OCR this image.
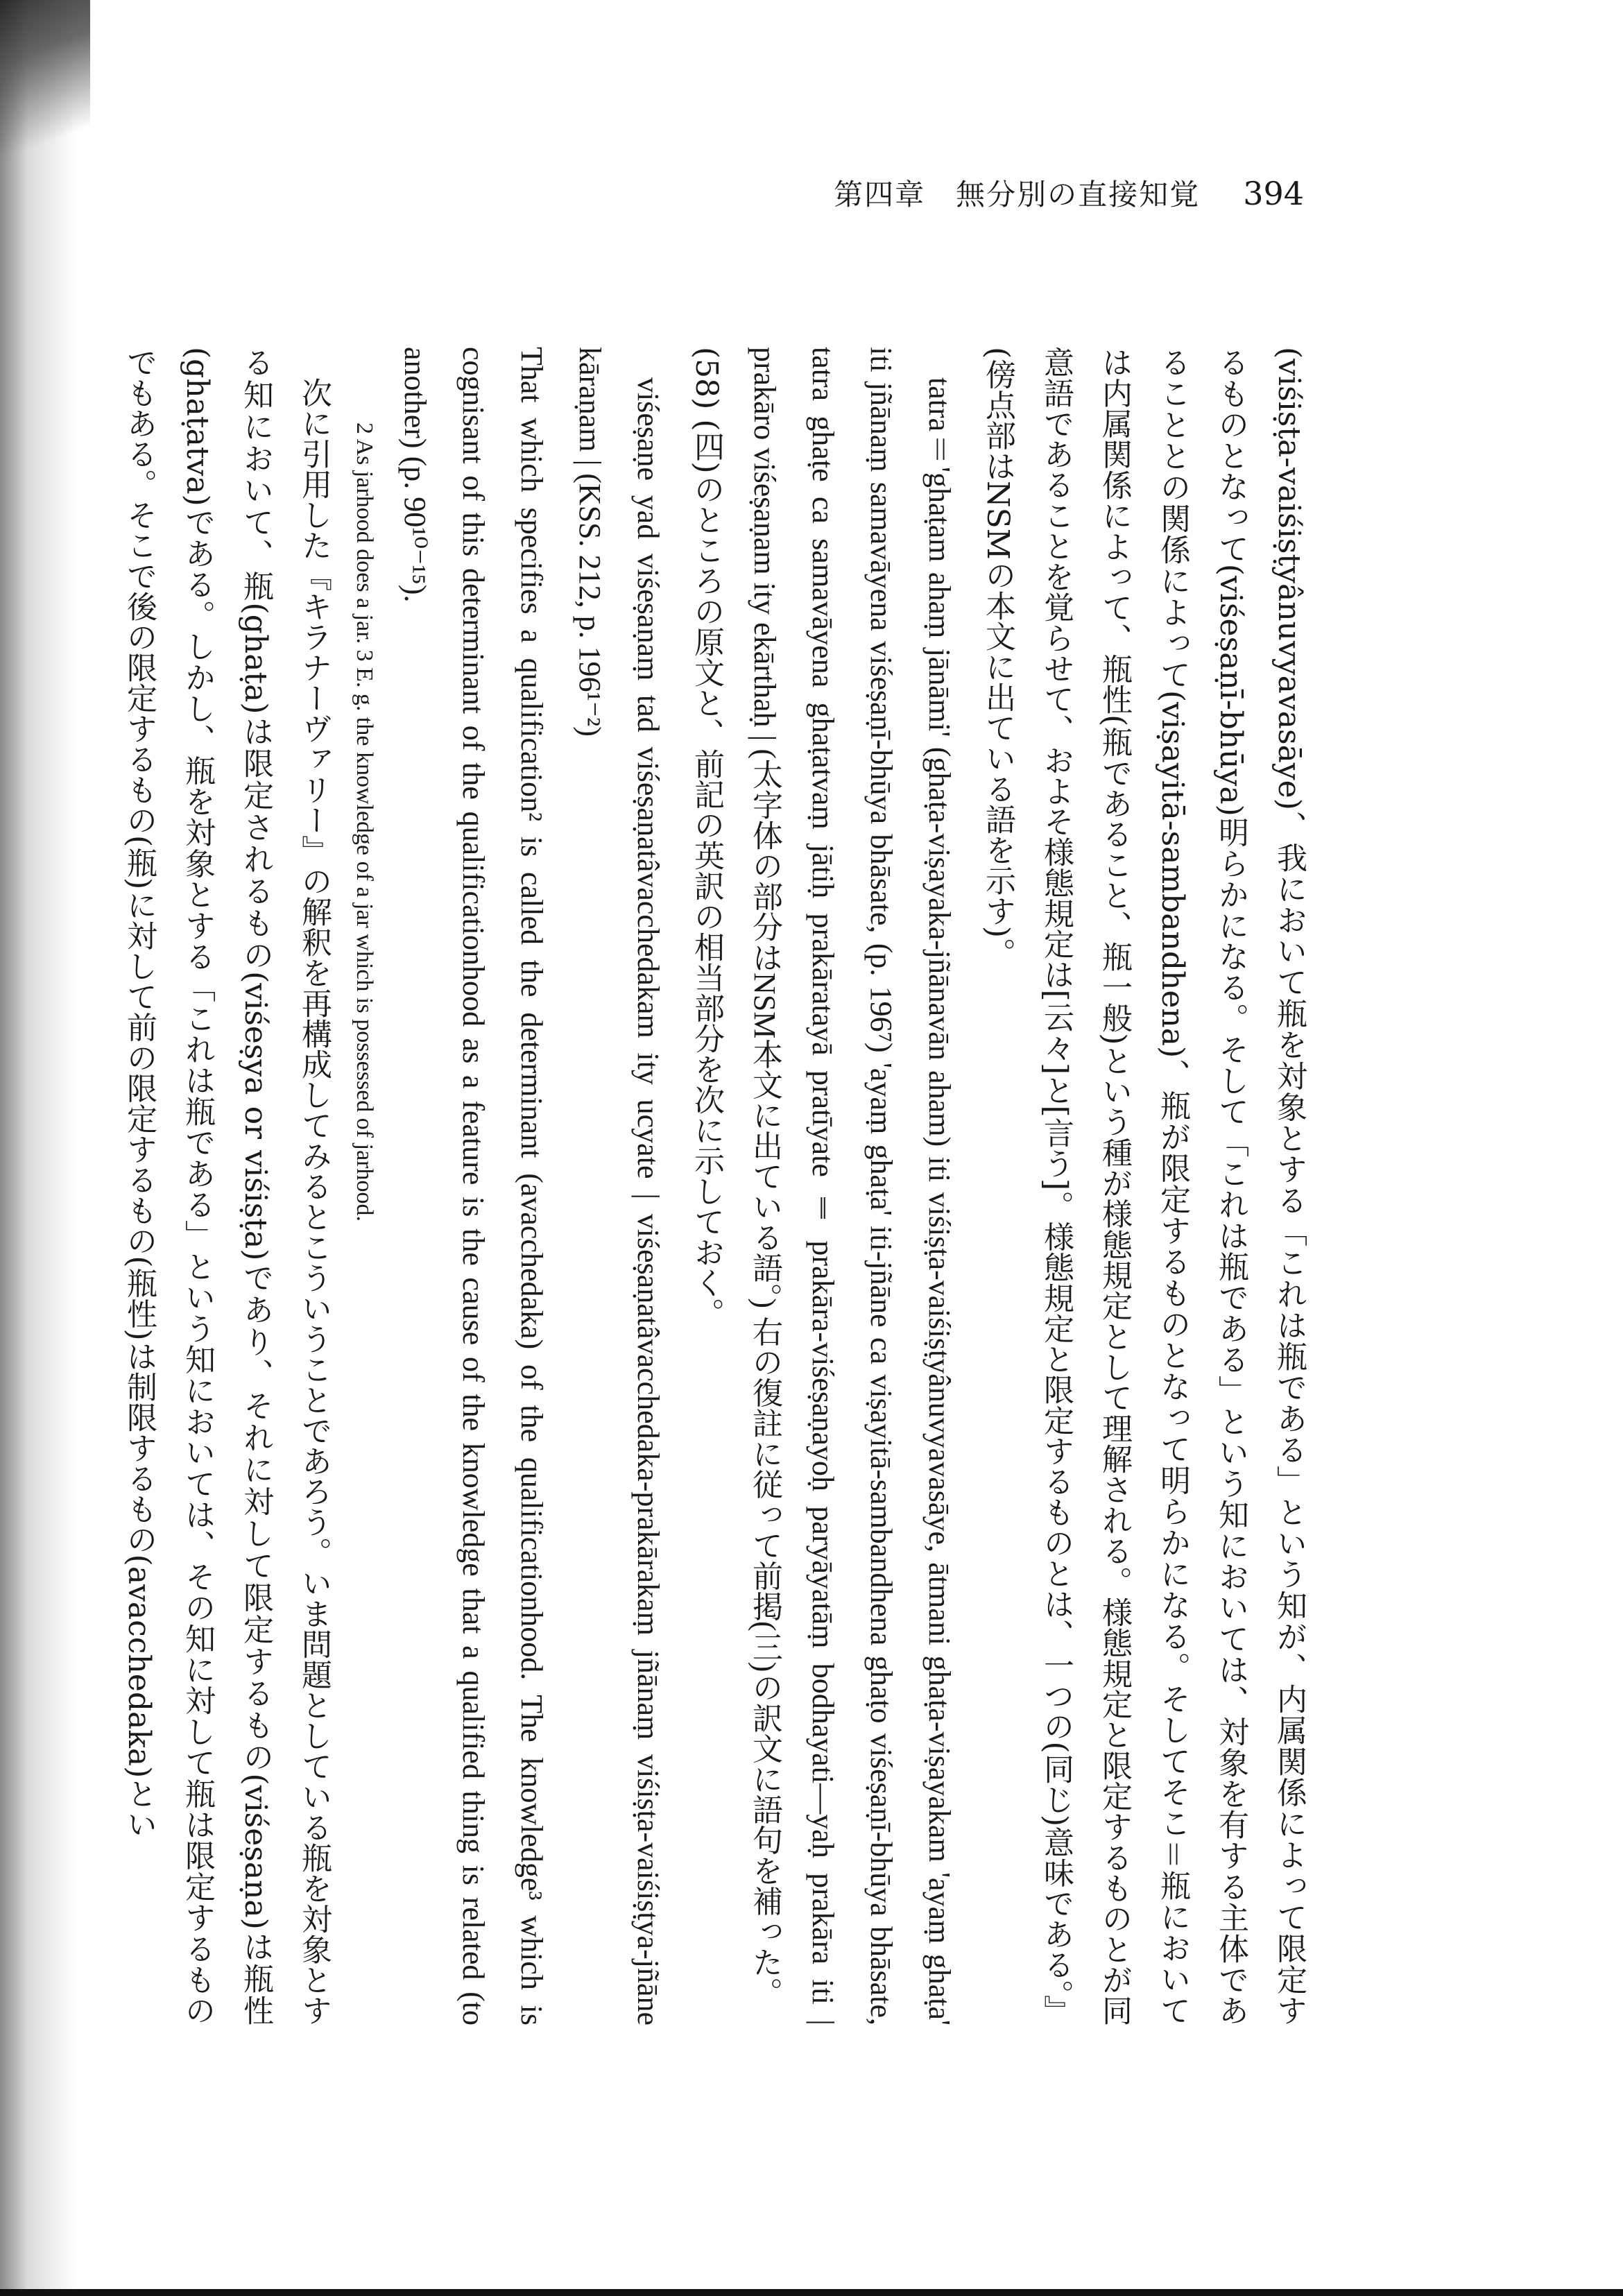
第四章　無分別の直接知覚 394

(viśiṣṭa-vaiśiṣṭyânuvyavasāye)、我において瓶を対象とする「これは瓶である」という知が、内属関係によって限定するものとなって(viśeṣaṇī-bhūya)明らかになる。そして「これは瓶である」という知においては、対象を有する主体であることとの関係によって(viṣayitā-sambandhena)、瓶が限定するものとなって明らかになる。そしてそこ＝瓶においては内属関係によって、瓶性(瓶であること、瓶一般)という種が様態規定として理解される。様態規定と限定するものとが同意語であることを覚らせて、およそ様態規定は[云々]と[言う]。様態規定と限定するものとは、一つの(同じ)意味である。』(傍点部はNSMの本文に出ている語を示す)。

tatra＝'ghaṭam ahaṃ jānāmi' (ghaṭa-viṣayaka-jñānavān aham) iti viśiṣṭa-vaiśiṣṭyânuvyavasāye, ātmani ghaṭa-viṣayakam 'ayaṃ ghaṭa' iti jñānaṃ samavāyena viśeṣaṇī-bhūya bhāsate, (p. 196⁷) 'ayaṃ ghaṭa' iti-jñāne ca viṣayitā-sambandhena ghaṭo viśeṣaṇī-bhūya bhāsate, tatra ghaṭe ca samavāyena ghaṭatvaṃ jātiḥ prakāratayā pratīyate ‖ prakāra-viśeṣaṇayoḥ paryāyatāṃ bodhayati—yaḥ prakāra iti | prakāro viśeṣaṇam ity ekārthaḥ | (太字体の部分はNSM本文に出ている語。) 右の復註に従って前掲(三)の訳文に語句を補った。

(58) (四)のところの原文と、前記の英訳の相当部分を次に示しておく。

viśeṣaṇe yad viśeṣaṇaṃ tad viśeṣaṇatâvacchedakam ity ucyate | viśeṣaṇatâvacchedaka-prakārakaṃ jñānaṃ viśiṣṭa-vaiśiṣṭya-jñāne kāraṇam | (KSS. 212, p. 196¹⁻²)

That which specifies a qualification² is called the determinant (avacchedaka) of the qualificationhood. The knowledge³ which is cognisant of this determinant of the qualificationhood as a feature is the cause of the knowledge that a qualified thing is related (to another) (p. 90¹⁰⁻¹⁵).

2 As jarhood does a jar. 3 E. g. the knowledge of a jar which is possessed of jarhood.

次に引用した『キラナーヴァリー』の解釈を再構成してみるとこういうことであろう。いま問題としている瓶を対象とする知において、瓶(ghaṭa)は限定されるもの(viśeṣya or viśiṣṭa)であり、それに対して限定するもの(viśeṣaṇa)は瓶性(ghaṭatva)である。しかし、瓶を対象とする「これは瓶である」という知においては、その知に対して瓶は限定するものでもある。そこで後の限定するもの(瓶)に対して前の限定するもの(瓶性)は制限するもの(avacchedaka)とい
